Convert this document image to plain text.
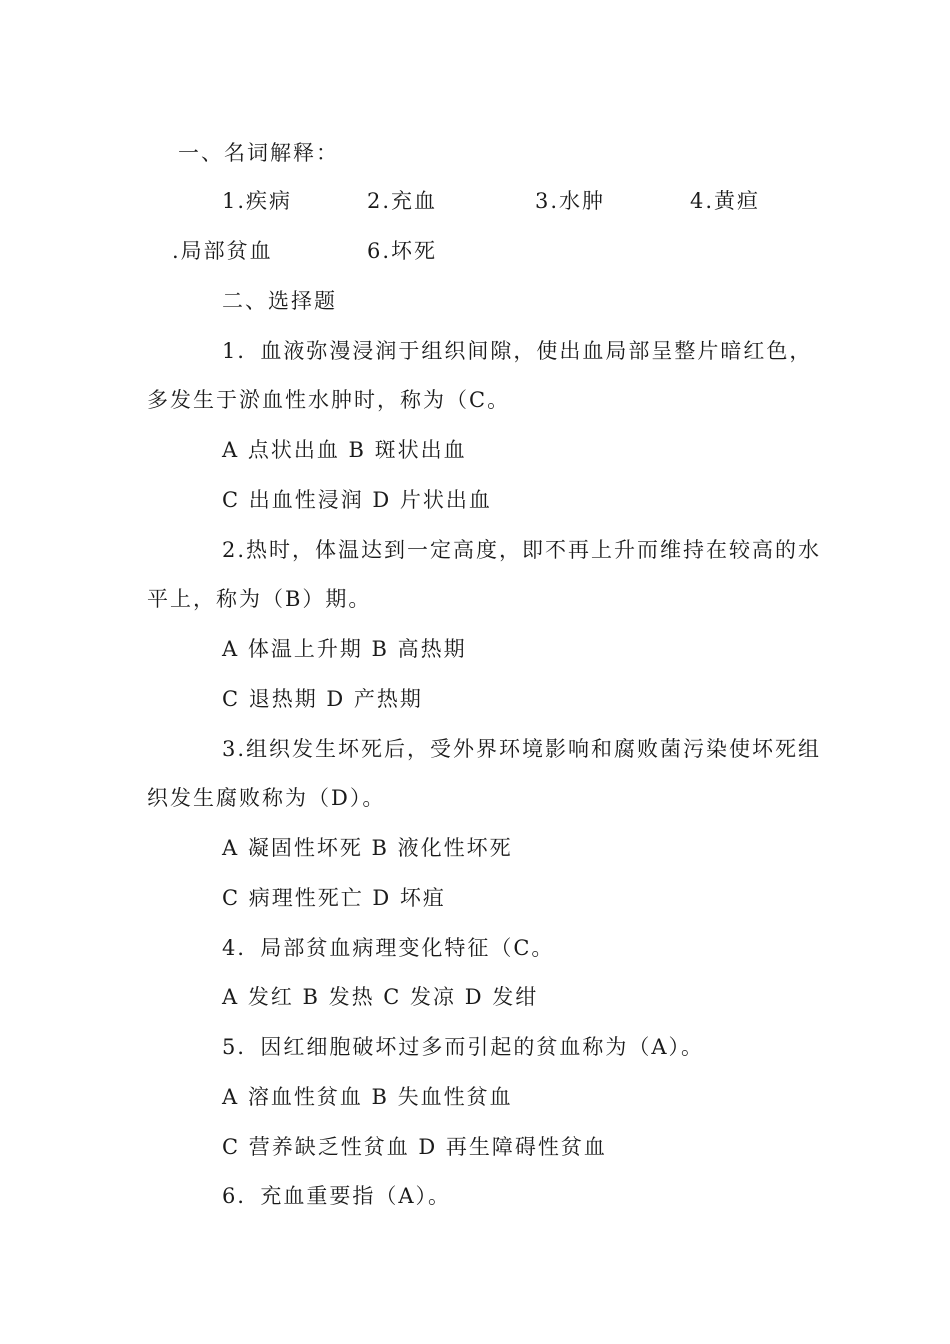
一、名词解释：
1.疾病	2.充血	3.水肿	4.黄疸
.局部贫血	6.坏死
二、选择题
1．血液弥漫浸润于组织间隙，使出血局部呈整片暗红色，
多发生于淤血性水肿时，称为（C。
A 点状出血 B 斑状出血
C 出血性浸润 D 片状出血
2.热时，体温达到一定高度，即不再上升而维持在较高的水
平上，称为（B）期。
A 体温上升期 B 高热期
C 退热期 D 产热期
3.组织发生坏死后，受外界环境影响和腐败菌污染使坏死组
织发生腐败称为（D）。
A 凝固性坏死 B 液化性坏死
C 病理性死亡 D 坏疽
4．局部贫血病理变化特征（C。
A 发红 B 发热 C 发凉 D 发绀
5．因红细胞破坏过多而引起的贫血称为（A）。
A 溶血性贫血 B 失血性贫血
C 营养缺乏性贫血 D 再生障碍性贫血
6．充血重要指（A）。
